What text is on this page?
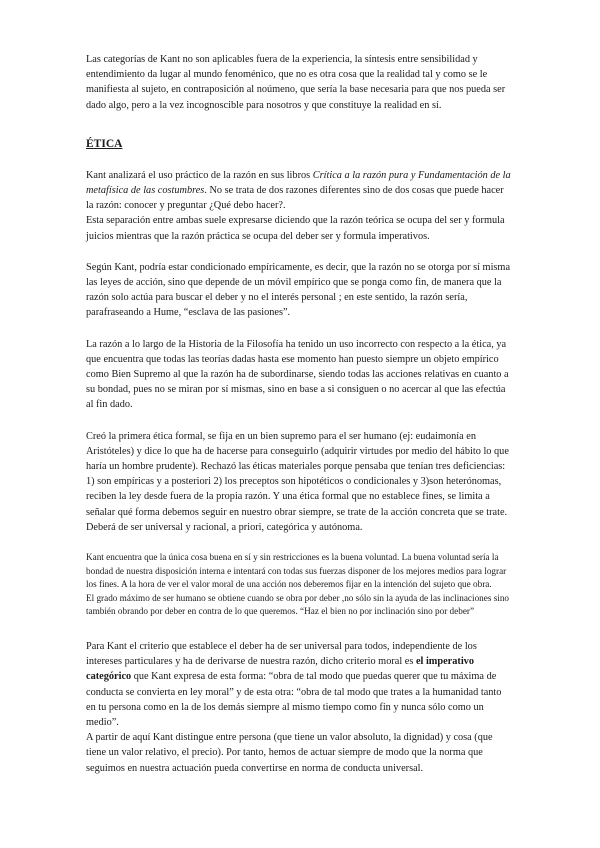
Las categorías de Kant no son aplicables fuera de la experiencia, la síntesis entre sensibilidad y entendimiento da lugar al mundo fenoménico, que no es otra cosa que la realidad tal y como se le manifiesta al sujeto, en contraposición al noúmeno, que sería la base necesaria para que nos pueda ser dado algo, pero a la vez incognoscible para nosotros y que constituye la realidad en sí.

ÉTICA

Kant analizará el uso práctico de la razón en sus libros Crítica a la razón pura y Fundamentación de la metafísica de las costumbres. No se trata de dos razones diferentes sino de dos cosas que puede hacer la razón: conocer y preguntar ¿Qué debo hacer?.

Esta separación entre ambas suele expresarse diciendo que la razón teórica se ocupa del ser y formula juicios mientras que la razón práctica se ocupa del deber ser y formula imperativos.

Según Kant, podría estar condicionado empíricamente, es decir, que la razón no se otorga por sí misma las leyes de acción, sino que depende de un móvil empírico que se ponga como fin, de manera que la razón solo actúa para buscar el deber y no el interés personal ; en este sentido, la razón sería, parafraseando a Hume, “esclava de las pasiones”.

La razón a lo largo de la Historia de la Filosofía ha tenido un uso incorrecto con respecto a la ética, ya que encuentra que todas las teorías dadas hasta ese momento han puesto siempre un objeto empírico como Bien Supremo al que la razón ha de subordinarse, siendo todas las acciones relativas en cuanto a su bondad, pues no se miran por sí mismas, sino en base a si consiguen o no acercar al que las efectúa al fin dado.

Creó la primera ética formal, se fija en un bien supremo para el ser humano (ej: eudaimonía en Aristóteles) y dice lo que ha de hacerse para conseguirlo (adquirir virtudes por medio del hábito lo que haría un hombre prudente). Rechazó las éticas materiales porque pensaba que tenían tres deficiencias: 1) son empíricas y a posteriori 2) los preceptos son hipotéticos o condicionales y 3)son heterónomas, reciben la ley desde fuera de la propia razón. Y una ética formal que no establece fines, se limita a señalar qué forma debemos seguir en nuestro obrar siempre, se trate de la acción concreta que se trate. Deberá de ser universal y racional, a priori, categórica y autónoma.

Kant encuentra que la única cosa buena en sí y sin restricciones es la buena voluntad. La buena voluntad sería la bondad de nuestra disposición interna e intentará con todas sus fuerzas disponer de los mejores medios para lograr los fines. A la hora de ver el valor moral de una acción nos deberemos fijar en la intención del sujeto que obra.

El grado máximo de ser humano se obtiene cuando se obra por deber ,no sólo sin la ayuda de las inclinaciones sino también obrando por deber en contra de lo que queremos. “Haz el bien no por inclinación sino por deber”

Para Kant el criterio que establece el deber ha de ser universal para todos, independiente de los intereses particulares y ha de derivarse de nuestra razón, dicho criterio moral es el imperativo categórico que Kant expresa de esta forma: “obra de tal modo que puedas querer que tu máxima de conducta se convierta en ley moral” y de esta otra: “obra de tal modo que trates a la humanidad tanto en tu persona como en la de los demás siempre al mismo tiempo como fin y nunca sólo como un medio”.

A partir de aquí Kant distingue entre persona (que tiene un valor absoluto, la dignidad) y cosa (que tiene un valor relativo, el precio). Por tanto, hemos de actuar siempre de modo que la norma que seguimos en nuestra actuación pueda convertirse en norma de conducta universal.
